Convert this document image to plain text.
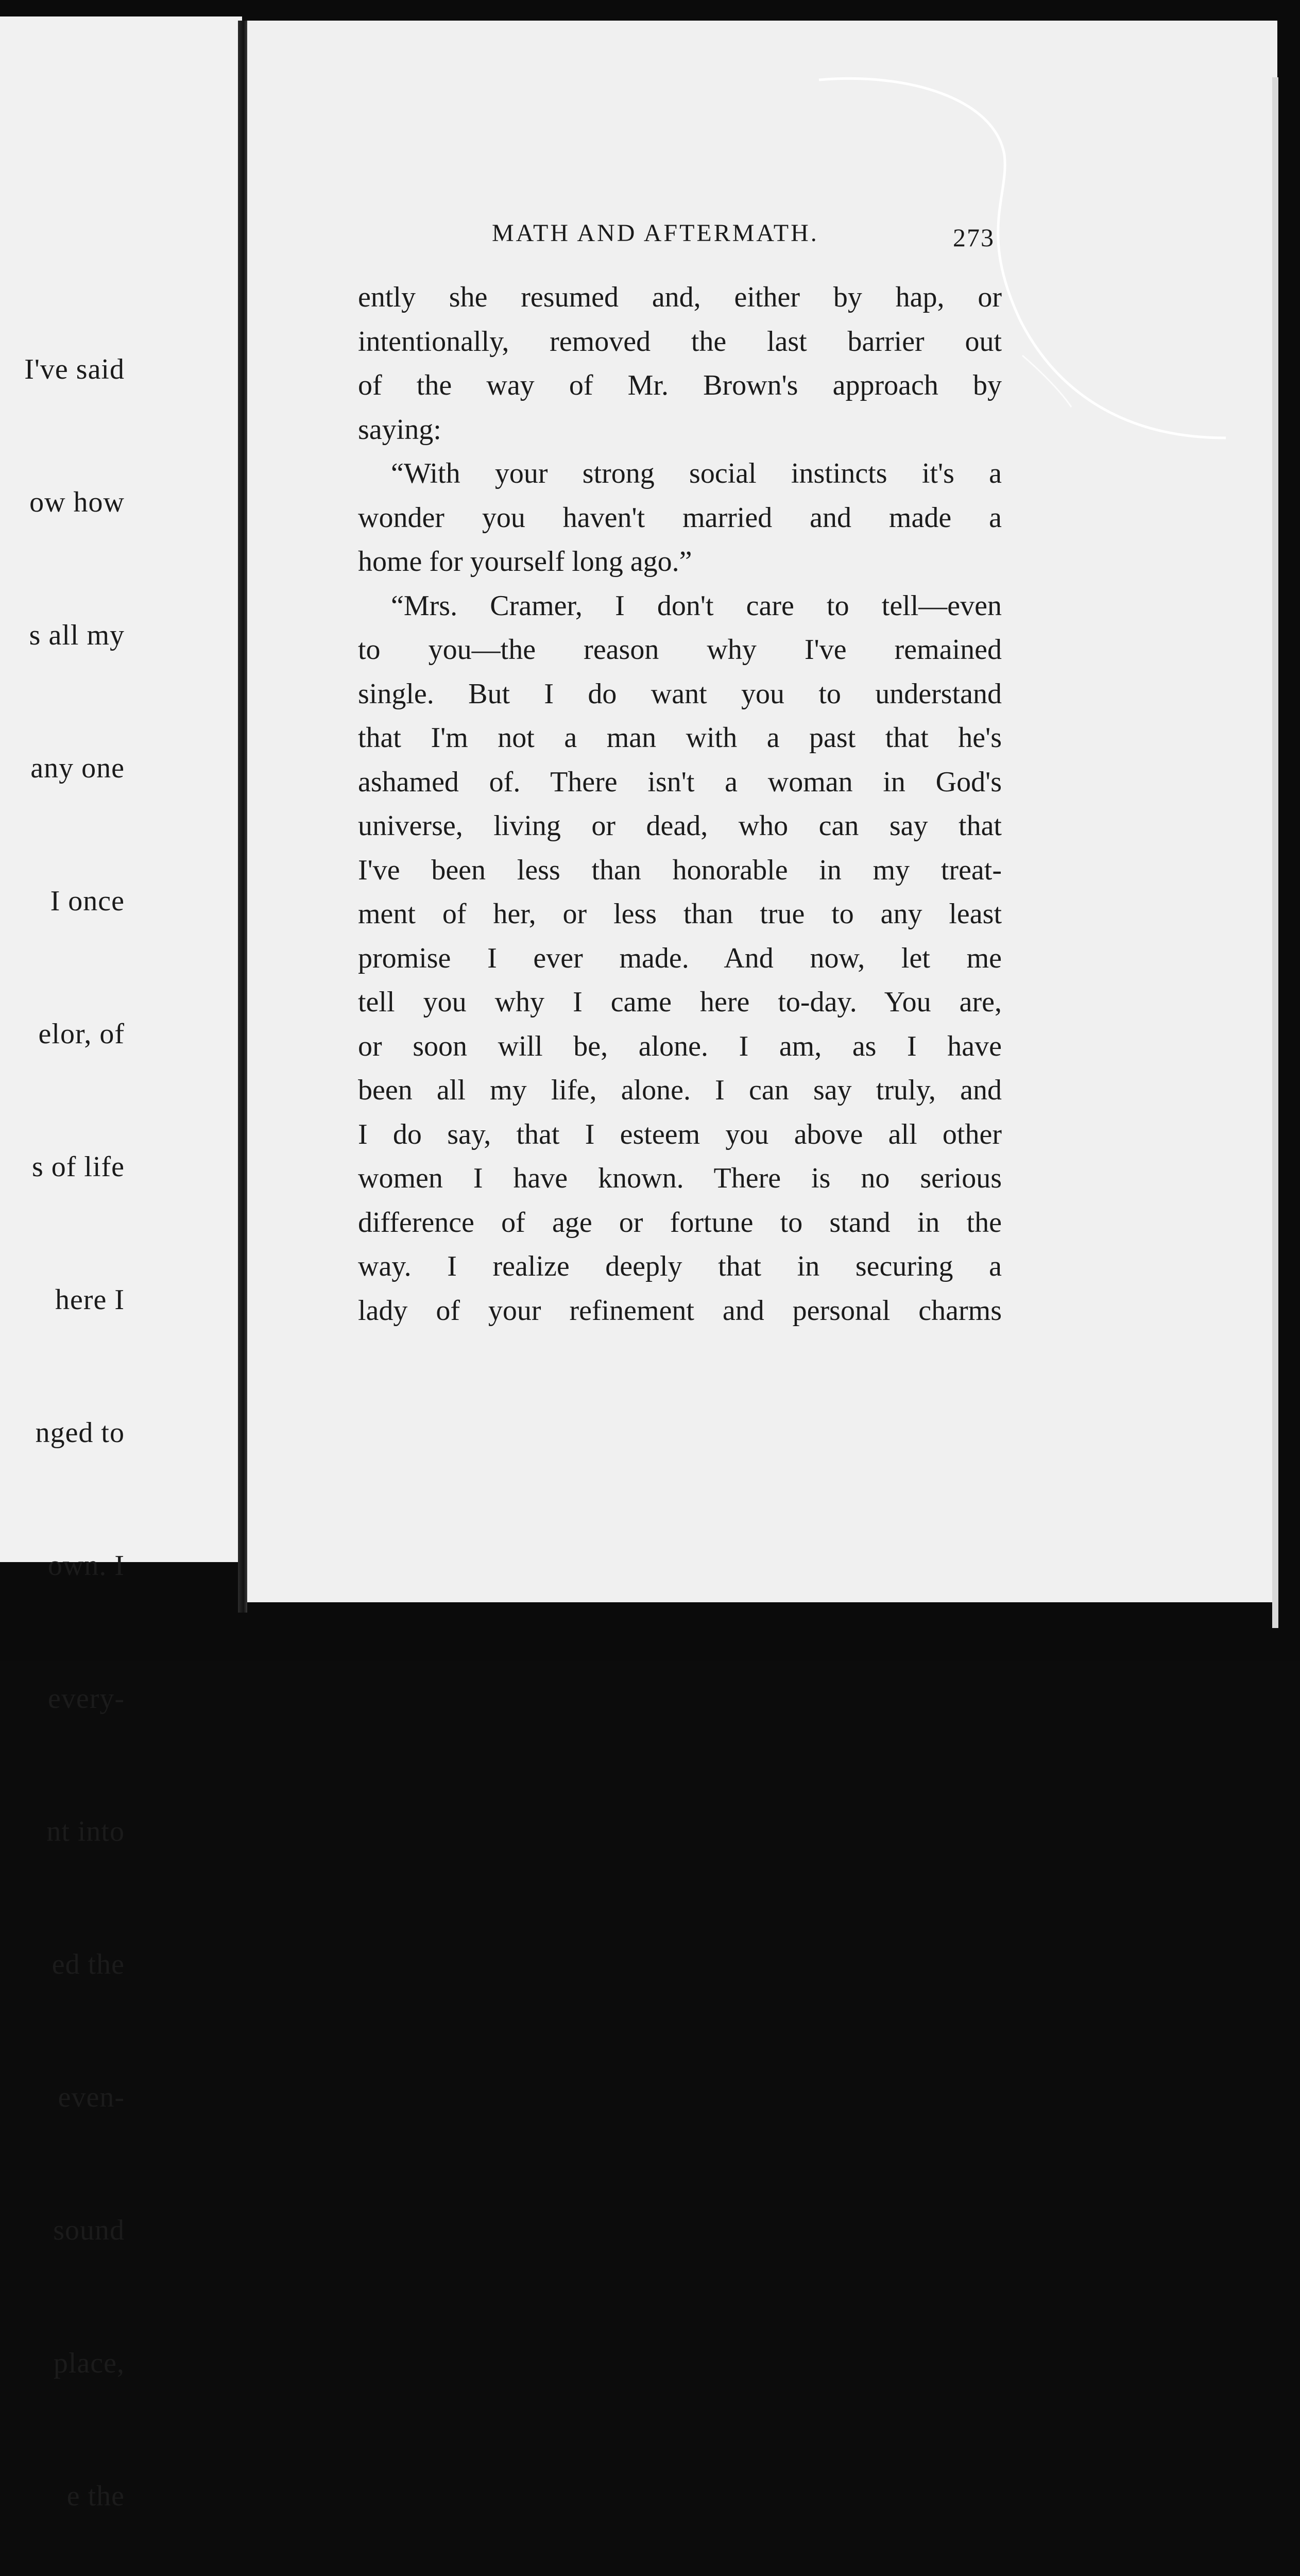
I've said

ow how

s all my

any one

I once

elor, of

s of life

here I

nged to

own. I

every-

nt into

ed the

even-

sound

place,

e the

MATH AND AFTERMATH.	273
ently she resumed and, either by hap, or
intentionally, removed the last barrier out
of the way of Mr. Brown's approach by
saying:
“With your strong social instincts it's a
wonder you haven't married and made a
home for yourself long ago.”
“Mrs. Cramer, I don't care to tell—even
to you—the reason why I've remained
single. But I do want you to understand
that I'm not a man with a past that he's
ashamed of. There isn't a woman in God's
universe, living or dead, who can say that
I've been less than honorable in my treat-
ment of her, or less than true to any least
promise I ever made. And now, let me
tell you why I came here to-day. You are,
or soon will be, alone. I am, as I have
been all my life, alone. I can say truly, and
I do say, that I esteem you above all other
women I have known. There is no serious
difference of age or fortune to stand in the
way. I realize deeply that in securing a
lady of your refinement and personal charms
